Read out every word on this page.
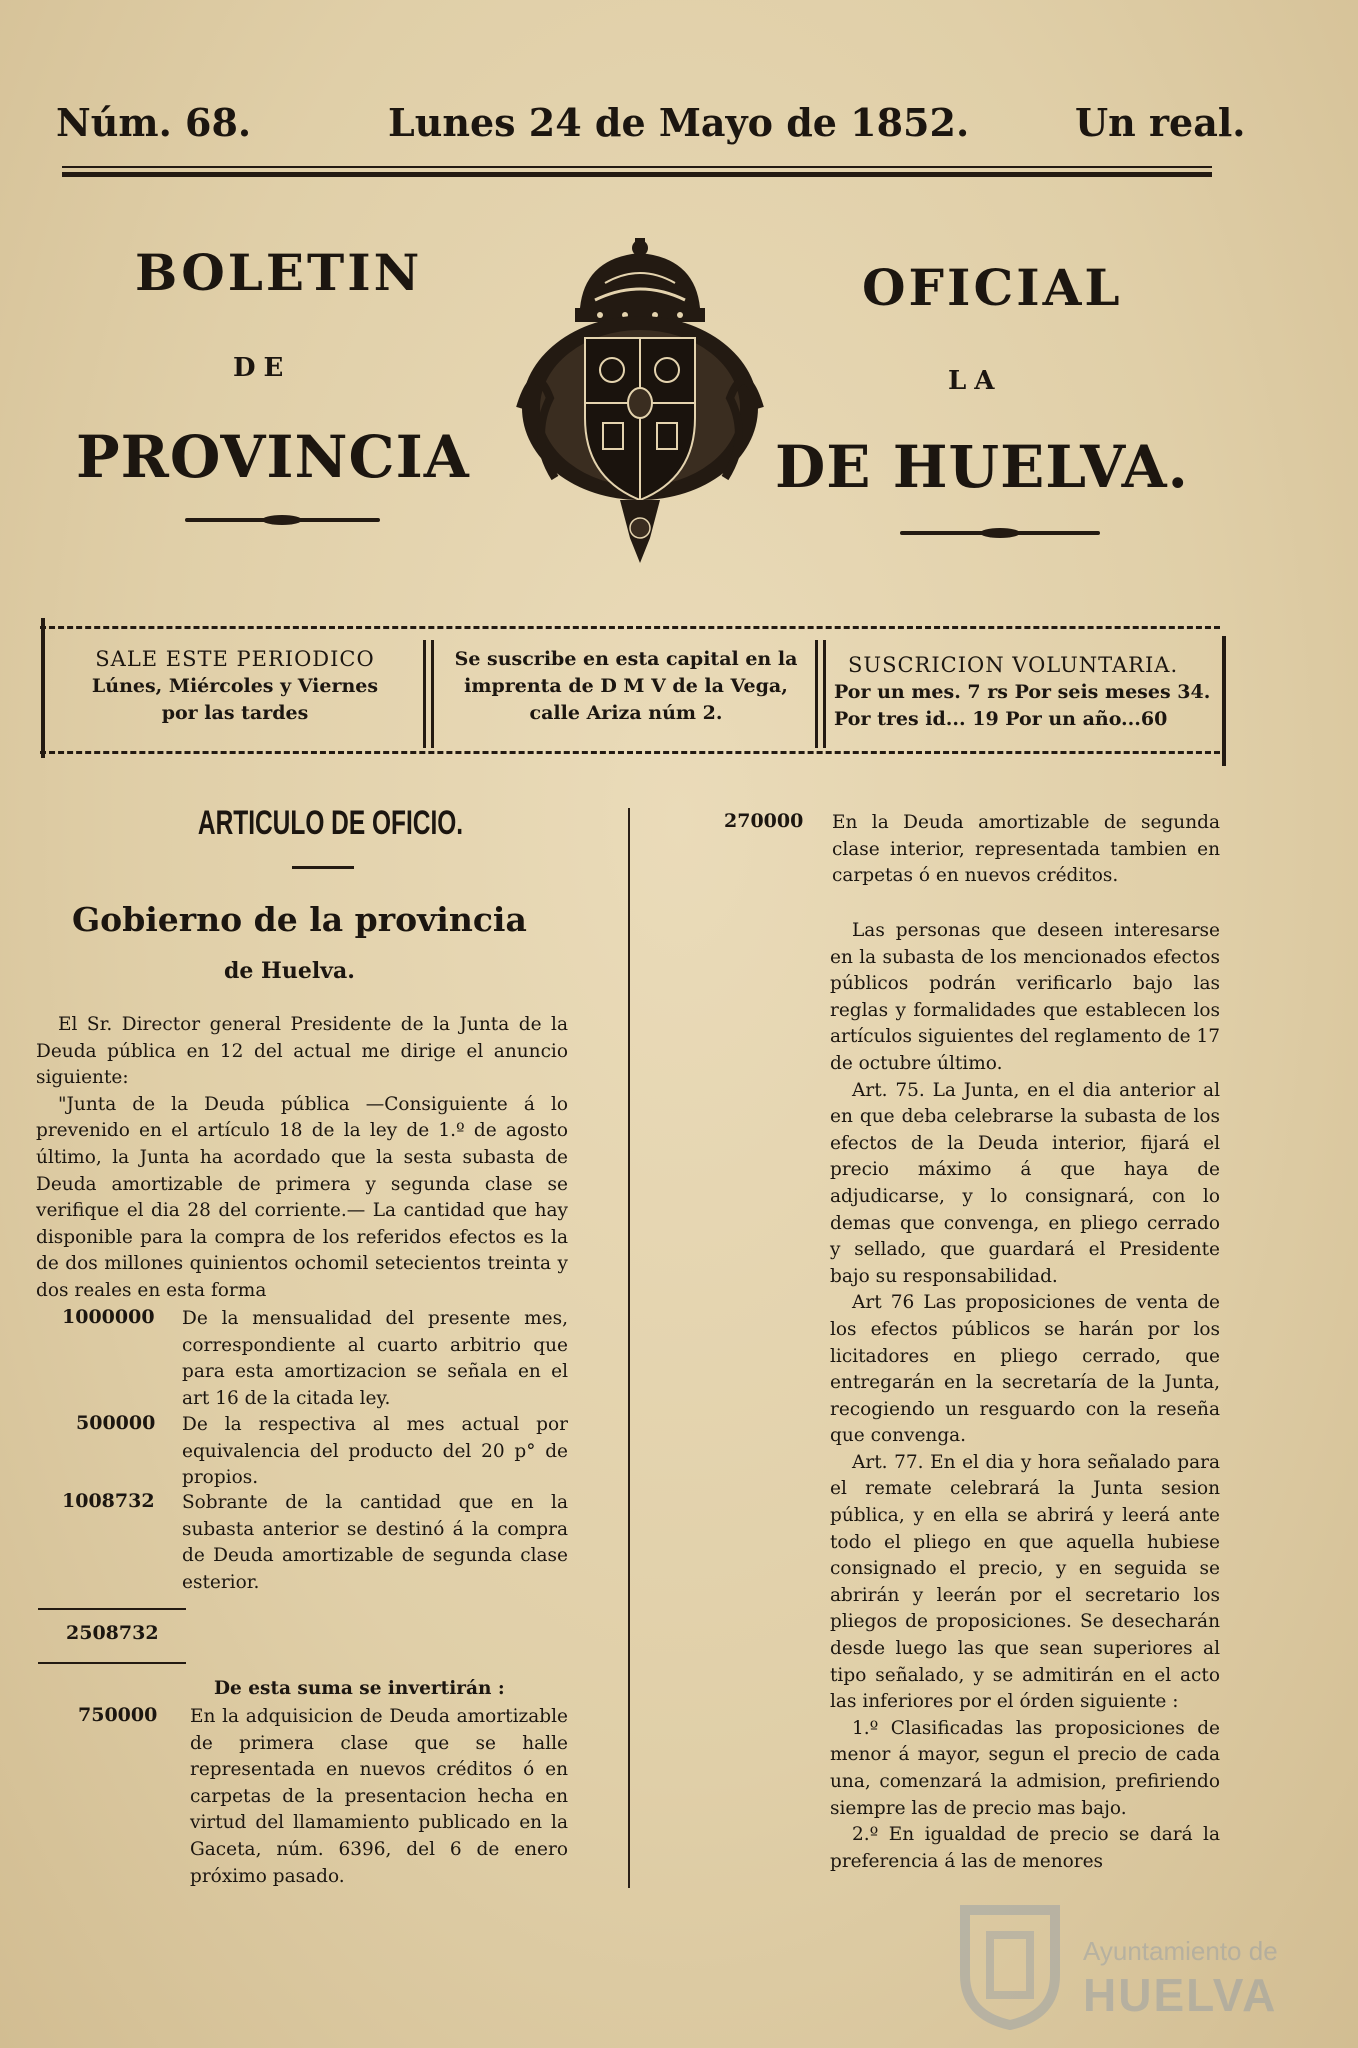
Núm. 68.	Lunes 24 de Mayo de 1852.	Un real.
BOLETIN	OFICIAL
DE	LA
PROVINCIA	DE HUELVA.
SALE ESTE PERIODICO
Lúnes, Miércoles y Viernes
por las tardes
Se suscribe en esta capital en la
imprenta de D M V de la Vega,
calle Ariza núm 2.
SUSCRICION VOLUNTARIA.
Por un mes. 7 rs Por seis meses 34.
Por tres id... 19 Por un año...60
ARTICULO DE OFICIO.
Gobierno de la provincia
de Huelva.

El Sr. Director general Presidente de la Junta de la Deuda pública en 12 del actual me dirige el anuncio siguiente:

"Junta de la Deuda pública —Consiguiente á lo prevenido en el artículo 18 de la ley de 1.º de agosto último, la Junta ha acordado que la sesta subasta de Deuda amortizable de primera y segunda clase se verifique el dia 28 del corriente.— La cantidad que hay disponible para la compra de los referidos efectos es la de dos millones quinientos ochomil setecientos treinta y dos reales en esta forma

1000000 De la mensualidad del presente mes, correspondiente al cuarto arbitrio que para esta amortizacion se señala en el art 16 de la citada ley.
500000 De la respectiva al mes actual por equivalencia del producto del 20 p° de propios.
1008732 Sobrante de la cantidad que en la subasta anterior se destinó á la compra de Deuda amortizable de segunda clase esterior.
2508732
De esta suma se invertirán :
750000 En la adquisicion de Deuda amortizable de primera clase que se halle representada en nuevos créditos ó en carpetas de la presentacion hecha en virtud del llamamiento publicado en la Gaceta, núm. 6396, del 6 de enero próximo pasado.
270000 En la Deuda amortizable de segunda clase interior, representada tambien en carpetas ó en nuevos créditos.

Las personas que deseen interesarse en la subasta de los mencionados efectos públicos podrán verificarlo bajo las reglas y formalidades que establecen los artículos siguientes del reglamento de 17 de octubre último.

Art. 75. La Junta, en el dia anterior al en que deba celebrarse la subasta de los efectos de la Deuda interior, fijará el precio máximo á que haya de adjudicarse, y lo consignará, con lo demas que convenga, en pliego cerrado y sellado, que guardará el Presidente bajo su responsabilidad.

Art 76 Las proposiciones de venta de los efectos públicos se harán por los licitadores en pliego cerrado, que entregarán en la secretaría de la Junta, recogiendo un resguardo con la reseña que convenga.

Art. 77. En el dia y hora señalado para el remate celebrará la Junta sesion pública, y en ella se abrirá y leerá ante todo el pliego en que aquella hubiese consignado el precio, y en seguida se abrirán y leerán por el secretario los pliegos de proposiciones. Se desecharán desde luego las que sean superiores al tipo señalado, y se admitirán en el acto las inferiores por el órden siguiente :

1.º Clasificadas las proposiciones de menor á mayor, segun el precio de cada una, comenzará la admision, prefiriendo siempre las de precio mas bajo.

2.º En igualdad de precio se dará la preferencia á las de menores

Ayuntamiento de
HUELVA
